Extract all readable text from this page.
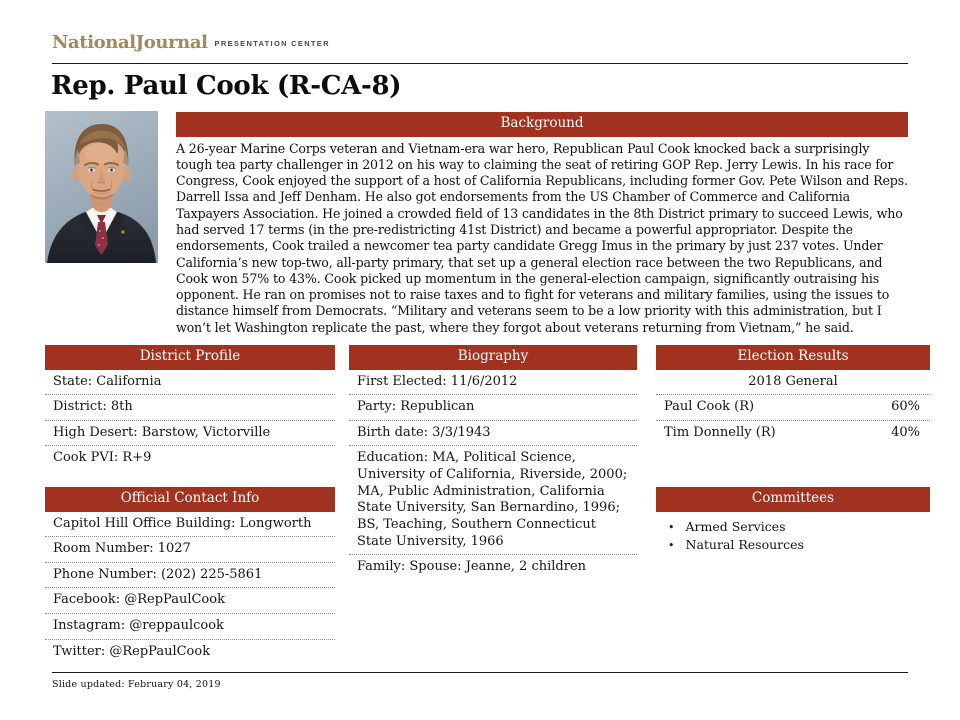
NationalJournal PRESENTATION CENTER
Rep. Paul Cook (R-CA-8)
Background
A 26-year Marine Corps veteran and Vietnam-era war hero, Republican Paul Cook knocked back a surprisingly tough tea party challenger in 2012 on his way to claiming the seat of retiring GOP Rep. Jerry Lewis. In his race for Congress, Cook enjoyed the support of a host of California Republicans, including former Gov. Pete Wilson and Reps. Darrell Issa and Jeff Denham. He also got endorsements from the US Chamber of Commerce and California Taxpayers Association. He joined a crowded field of 13 candidates in the 8th District primary to succeed Lewis, who had served 17 terms (in the pre-redistricting 41st District) and became a powerful appropriator. Despite the endorsements, Cook trailed a newcomer tea party candidate Gregg Imus in the primary by just 237 votes. Under California’s new top-two, all-party primary, that set up a general election race between the two Republicans, and Cook won 57% to 43%. Cook picked up momentum in the general-election campaign, significantly outraising his opponent. He ran on promises not to raise taxes and to fight for veterans and military families, using the issues to distance himself from Democrats. “Military and veterans seem to be a low priority with this administration, but I won’t let Washington replicate the past, where they forgot about veterans returning from Vietnam,” he said.
District Profile
State: California
District: 8th
High Desert: Barstow, Victorville
Cook PVI: R+9
Biography
First Elected: 11/6/2012
Party: Republican
Birth date: 3/3/1943
Education: MA, Political Science, University of California, Riverside, 2000; MA, Public Administration, California State University, San Bernardino, 1996; BS, Teaching, Southern Connecticut State University, 1966
Family: Spouse: Jeanne, 2 children
Election Results
2018 General
Paul Cook (R)	60%
Tim Donnelly (R)	40%
Official Contact Info
Capitol Hill Office Building: Longworth
Room Number: 1027
Phone Number: (202) 225-5861
Facebook: @RepPaulCook
Instagram: @reppaulcook
Twitter: @RepPaulCook
Committees
• Armed Services
• Natural Resources
Slide updated: February 04, 2019
